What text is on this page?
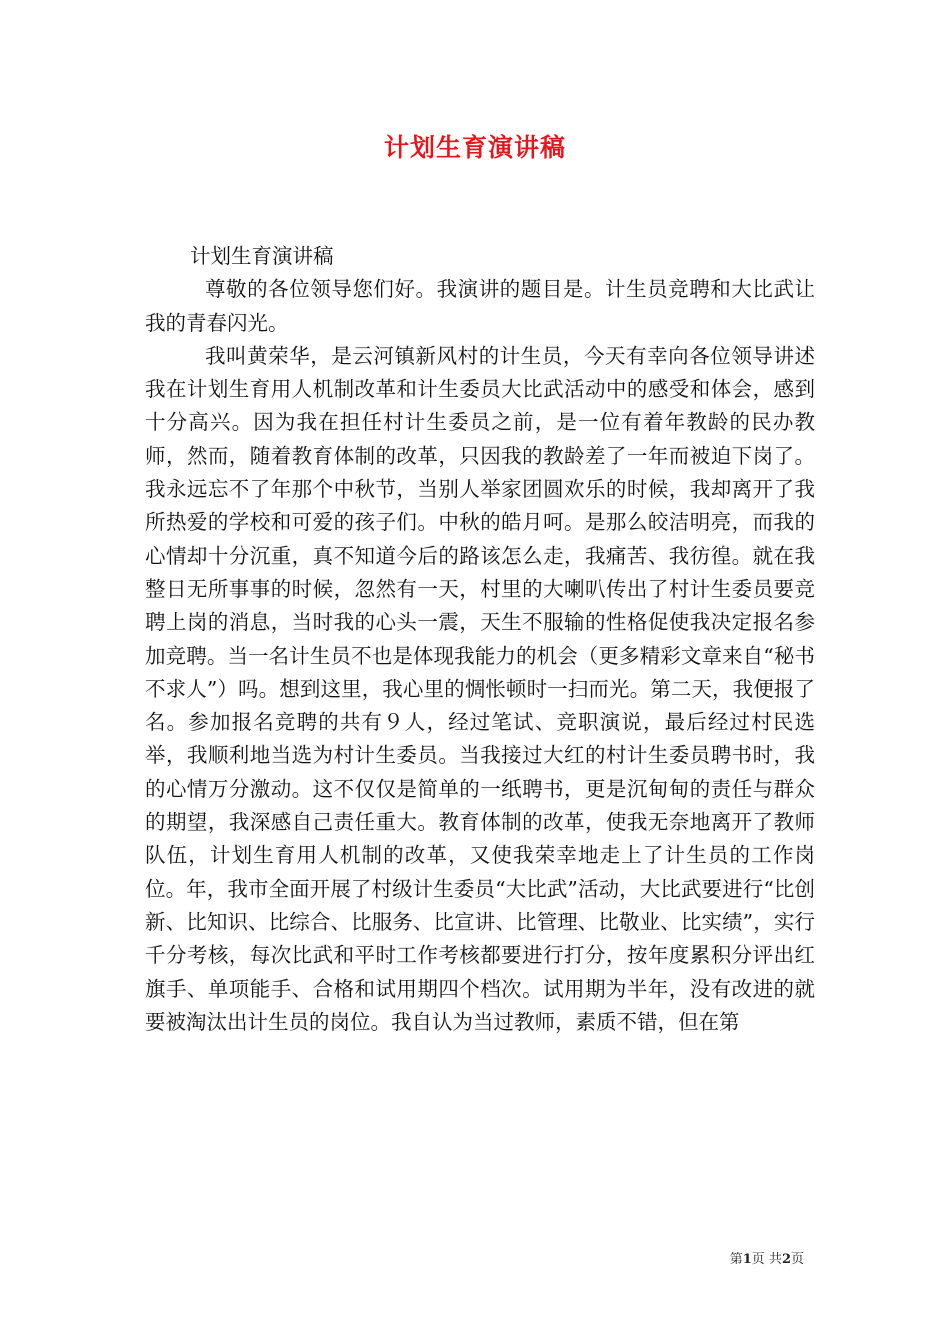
计划生育演讲稿

计划生育演讲稿

尊敬的各位领导您们好。我演讲的题目是。计生员竞聘和大比武让我的青春闪光。

我叫黄荣华，是云河镇新风村的计生员，今天有幸向各位领导讲述我在计划生育用人机制改革和计生委员大比武活动中的感受和体会，感到十分高兴。因为我在担任村计生委员之前，是一位有着年教龄的民办教师，然而，随着教育体制的改革，只因我的教龄差了一年而被迫下岗了。我永远忘不了年那个中秋节，当别人举家团圆欢乐的时候，我却离开了我所热爱的学校和可爱的孩子们。中秋的皓月呵。是那么皎洁明亮，而我的心情却十分沉重，真不知道今后的路该怎么走，我痛苦、我彷徨。就在我整日无所事事的时候，忽然有一天，村里的大喇叭传出了村计生委员要竞聘上岗的消息，当时我的心头一震，天生不服输的性格促使我决定报名参加竞聘。当一名计生员不也是体现我能力的机会（更多精彩文章来自“秘书不求人”）吗。想到这里，我心里的惆怅顿时一扫而光。第二天，我便报了名。参加报名竞聘的共有９人，经过笔试、竞职演说，最后经过村民选举，我顺利地当选为村计生委员。当我接过大红的村计生委员聘书时，我的心情万分激动。这不仅仅是简单的一纸聘书，更是沉甸甸的责任与群众的期望，我深感自己责任重大。教育体制的改革，使我无奈地离开了教师队伍，计划生育用人机制的改革，又使我荣幸地走上了计生员的工作岗位。年，我市全面开展了村级计生委员“大比武”活动，大比武要进行“比创新、比知识、比综合、比服务、比宣讲、比管理、比敬业、比实绩”，实行千分考核，每次比武和平时工作考核都要进行打分，按年度累积分评出红旗手、单项能手、合格和试用期四个档次。试用期为半年，没有改进的就要被淘汰出计生员的岗位。我自认为当过教师，素质不错，但在第

第1页 共2页
